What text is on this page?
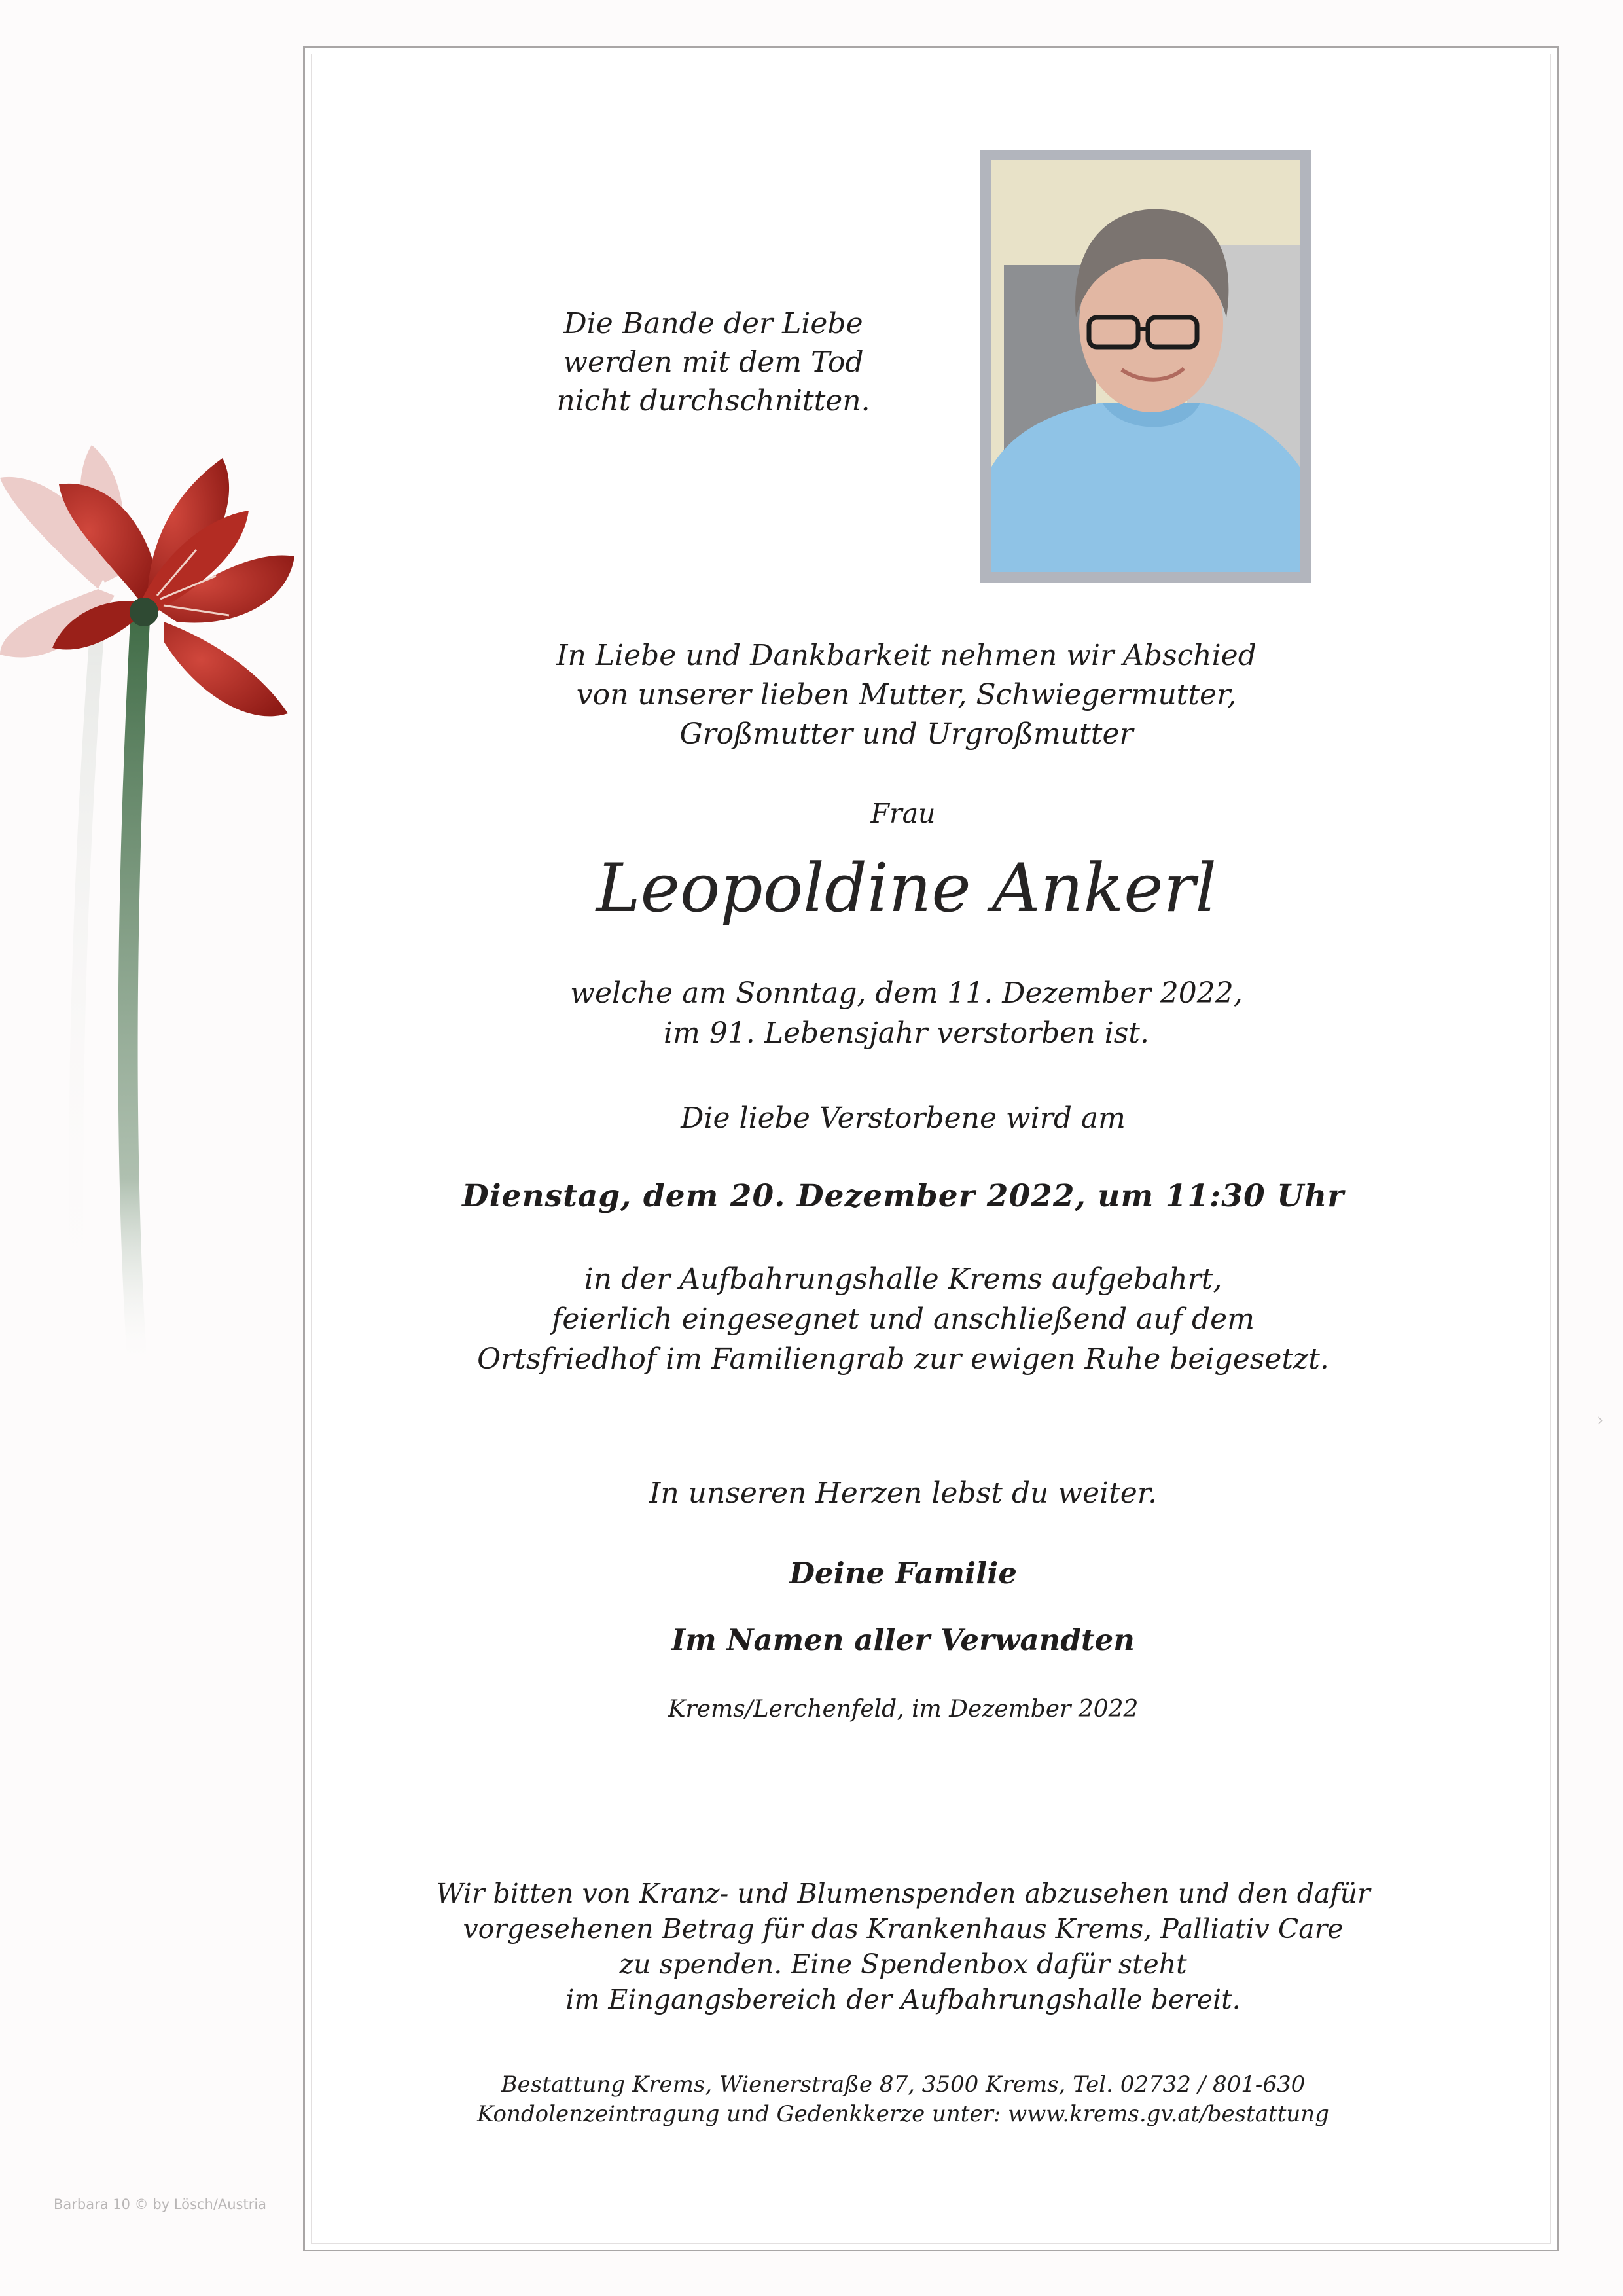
Die Bande der Liebe
werden mit dem Tod
nicht durchschnitten.
In Liebe und Dankbarkeit nehmen wir Abschied
von unserer lieben Mutter, Schwiegermutter,
Großmutter und Urgroßmutter
Frau
Leopoldine Ankerl
welche am Sonntag, dem 11. Dezember 2022,
im 91. Lebensjahr verstorben ist.
Die liebe Verstorbene wird am
Dienstag, dem 20. Dezember 2022, um 11:30 Uhr
in der Aufbahrungshalle Krems aufgebahrt,
feierlich eingesegnet und anschließend auf dem
Ortsfriedhof im Familiengrab zur ewigen Ruhe beigesetzt.
In unseren Herzen lebst du weiter.
Deine Familie
Im Namen aller Verwandten
Krems/Lerchenfeld, im Dezember 2022
Wir bitten von Kranz- und Blumenspenden abzusehen und den dafür
vorgesehenen Betrag für das Krankenhaus Krems, Palliativ Care
zu spenden. Eine Spendenbox dafür steht
im Eingangsbereich der Aufbahrungshalle bereit.
Bestattung Krems, Wienerstraße 87, 3500 Krems, Tel. 02732 / 801-630
Kondolenzeintragung und Gedenkkerze unter: www.krems.gv.at/bestattung
Barbara 10 © by Lösch/Austria
›
